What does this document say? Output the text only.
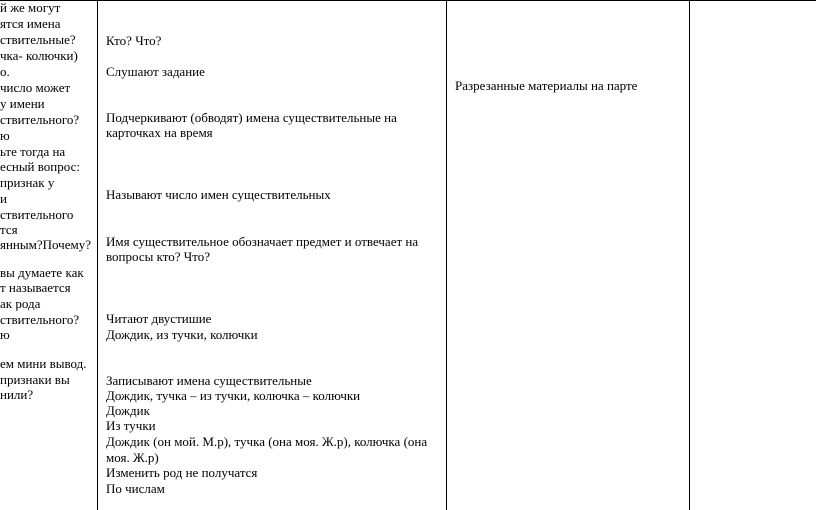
й же могут
ятся имена
ствительные?
чка- колючки)
о.
число может
у имени
ствительного?
ю
ьте тогда на
есный вопрос:
признак у
и
ствительного
тся
янным?Почему?
вы думаете как
т называется
ак рода
ствительного?
ю
ем мини вывод.
признаки вы
нили?
Кто? Что?
Слушают задание
Подчеркивают (обводят) имена существительные на
карточках на время
Называют число имен существительных
Имя существительное обозначает предмет и отвечает на
вопросы кто? Что?
Читают двустишие
Дождик, из тучки, колючки
Записывают имена существительные
Дождик, тучка – из тучки, колючка – колючки
Дождик
Из тучки
Дождик (он мой. М.р), тучка (она моя. Ж.р), колючка (она
моя. Ж.р)
Изменить род не получатся
По числам
Разрезанные материалы на парте
